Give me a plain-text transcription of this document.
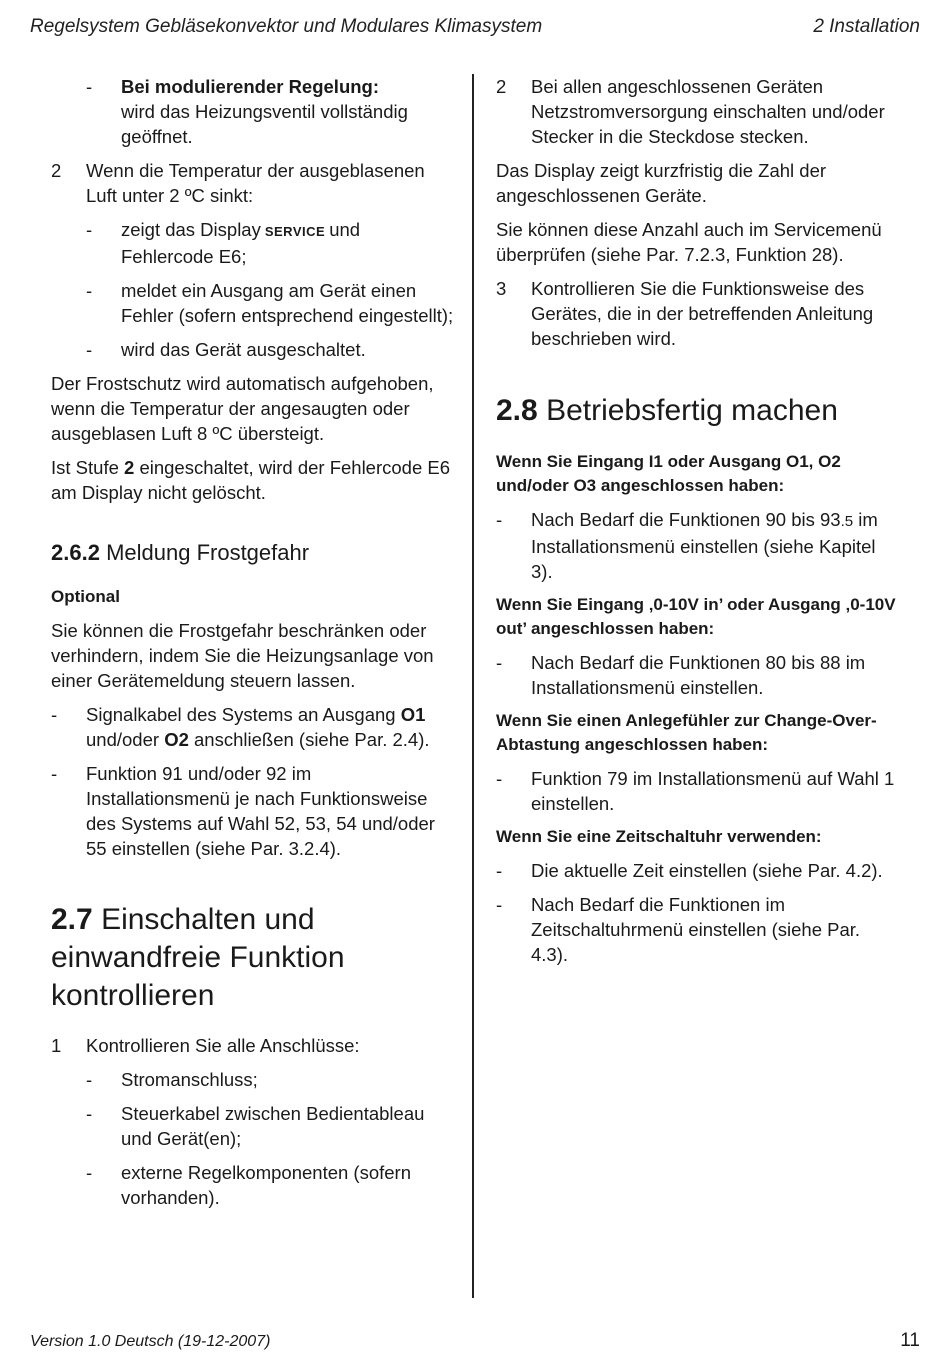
Regelsystem Gebläsekonvektor und Modulares Klimasystem	2 Installation
-	Bei modulierender Regelung:
wird das Heizungsventil vollständig geöffnet.
2	Wenn die Temperatur der ausgeblasenen Luft unter 2 ºC sinkt:
-	zeigt das Display SERVICE und Fehlercode E6;
-	meldet ein Ausgang am Gerät einen Fehler (sofern entsprechend eingestellt);
-	wird das Gerät ausgeschaltet.

Der Frostschutz wird automatisch aufgehoben, wenn die Temperatur der angesaugten oder ausgeblasen Luft 8 ºC übersteigt.

Ist Stufe 2 eingeschaltet, wird der Fehlercode E6 am Display nicht gelöscht.

2.6.2 Meldung Frostgefahr

Optional

Sie können die Frostgefahr beschränken oder verhindern, indem Sie die Heizungsanlage von einer Gerätemeldung steuern lassen.

-	Signalkabel des Systems an Ausgang O1 und/oder O2 anschließen (siehe Par. 2.4).
-	Funktion 91 und/oder 92 im Installationsmenü je nach Funktionsweise des Systems auf Wahl 52, 53, 54 und/oder 55 einstellen (siehe Par. 3.2.4).
2.7 Einschalten und einwandfreie Funktion kontrollieren
1	Kontrollieren Sie alle Anschlüsse:
-	Stromanschluss;
-	Steuerkabel zwischen Bedientableau und Gerät(en);
-	externe Regelkomponenten (sofern vorhanden).
2	Bei allen angeschlossenen Geräten Netzstromversorgung einschalten und/oder Stecker in die Steckdose stecken.

Das Display zeigt kurzfristig die Zahl der angeschlossenen Geräte.

Sie können diese Anzahl auch im Servicemenü überprüfen (siehe Par. 7.2.3, Funktion 28).

3	Kontrollieren Sie die Funktionsweise des Gerätes, die in der betreffenden Anleitung beschrieben wird.
2.8 Betriebsfertig machen

Wenn Sie Eingang I1 oder Ausgang O1, O2 und/oder O3 angeschlossen haben:

-	Nach Bedarf die Funktionen 90 bis 93.5 im Installationsmenü einstellen (siehe Kapitel 3).

Wenn Sie Eingang ‚0-10V in’ oder Ausgang ‚0-10V out’ angeschlossen haben:

-	Nach Bedarf die Funktionen 80 bis 88 im Installationsmenü einstellen.

Wenn Sie einen Anlegefühler zur Change-Over-Abtastung angeschlossen haben:

-	Funktion 79 im Installationsmenü auf Wahl 1 einstellen.

Wenn Sie eine Zeitschaltuhr verwenden:

-	Die aktuelle Zeit einstellen (siehe Par. 4.2).
-	Nach Bedarf die Funktionen im Zeitschaltuhrmenü einstellen (siehe Par. 4.3).
Version 1.0 Deutsch (19-12-2007)	11
